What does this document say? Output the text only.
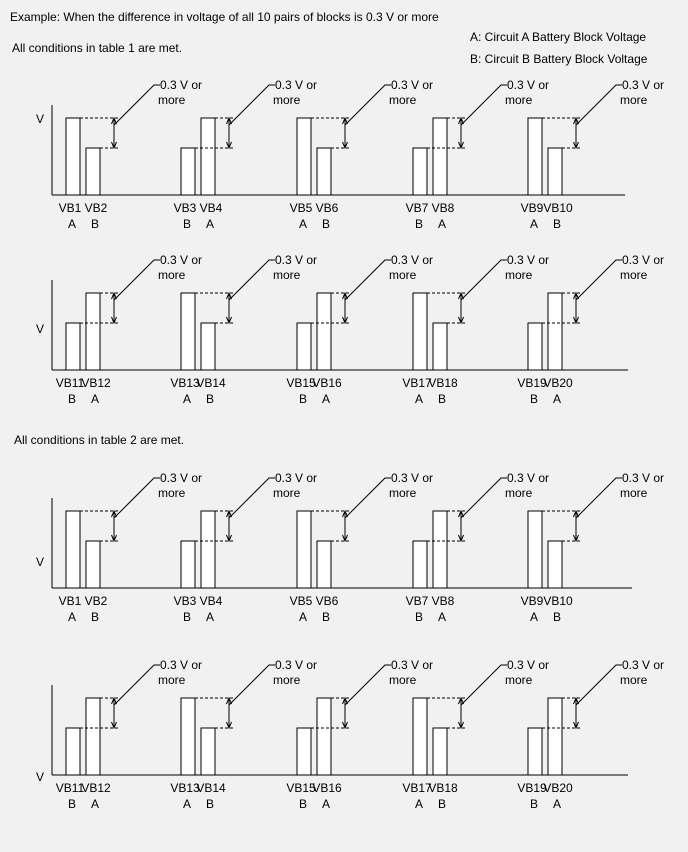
Example: When the difference in voltage of all 10 pairs of blocks is 0.3 V or more
A: Circuit A Battery Block Voltage
B: Circuit B Battery Block Voltage
All conditions in table 1 are met.
All conditions in table 2 are met.
V
0.3 V or
more
VB1 VB2
A B
0.3 V or
more
VB3 VB4
B A
0.3 V or
more
VB5 VB6
A B
0.3 V or
more
VB7 VB8
B A
0.3 V or
more
VB9 VB10
A B
V
0.3 V or
more
VB11
VB12
B A
0.3 V or
more
VB13
VB14
A B
0.3 V or
more
VB15
VB16
B A
0.3 V or
more
VB17
VB18
A B
0.3 V or
more
VB19
VB20
B A
V
0.3 V or
more
VB1 VB2
A B
0.3 V or
more
VB3 VB4
B A
0.3 V or
more
VB5 VB6
A B
0.3 V or
more
VB7 VB8
B A
0.3 V or
more
VB9 VB10
A B
V
0.3 V or
more
VB11
VB12
B A
0.3 V or
more
VB13
VB14
A B
0.3 V or
more
VB15
VB16
B A
0.3 V or
more
VB17
VB18
A B
0.3 V or
more
VB19
VB20
B A
